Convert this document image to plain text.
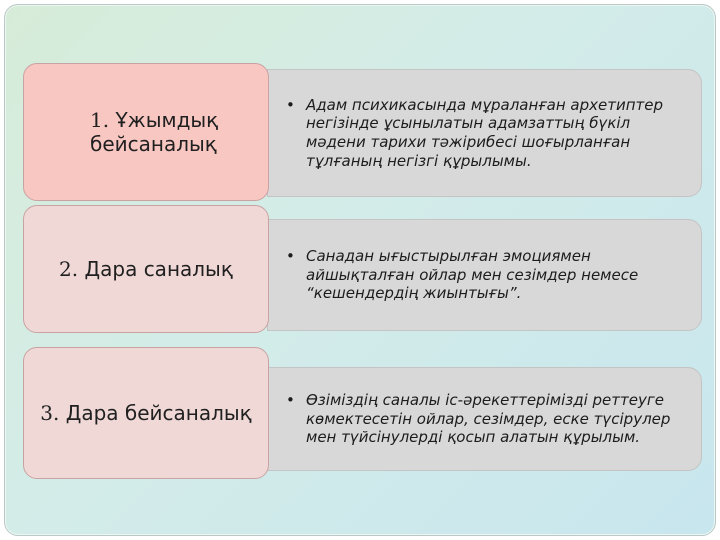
• Адам психикасында мұраланған архетиптер негізінде ұсынылатын адамзаттың бүкіл мәдени тарихи тәжірибесі шоғырланған тұлғаның негізгі құрылымы.
1. Ұжымдық
бейсаналық
• Санадан ығыстырылған эмоциямен айшықталған ойлар мен сезімдер немесе “кешендердің жиынтығы”.
2. Дара саналық
• Өзіміздің саналы іс-әрекеттерімізді реттеуге көмектесетін ойлар, сезімдер, еске түсірулер мен түйсінулерді қосып алатын құрылым.
3. Дара бейсаналық
